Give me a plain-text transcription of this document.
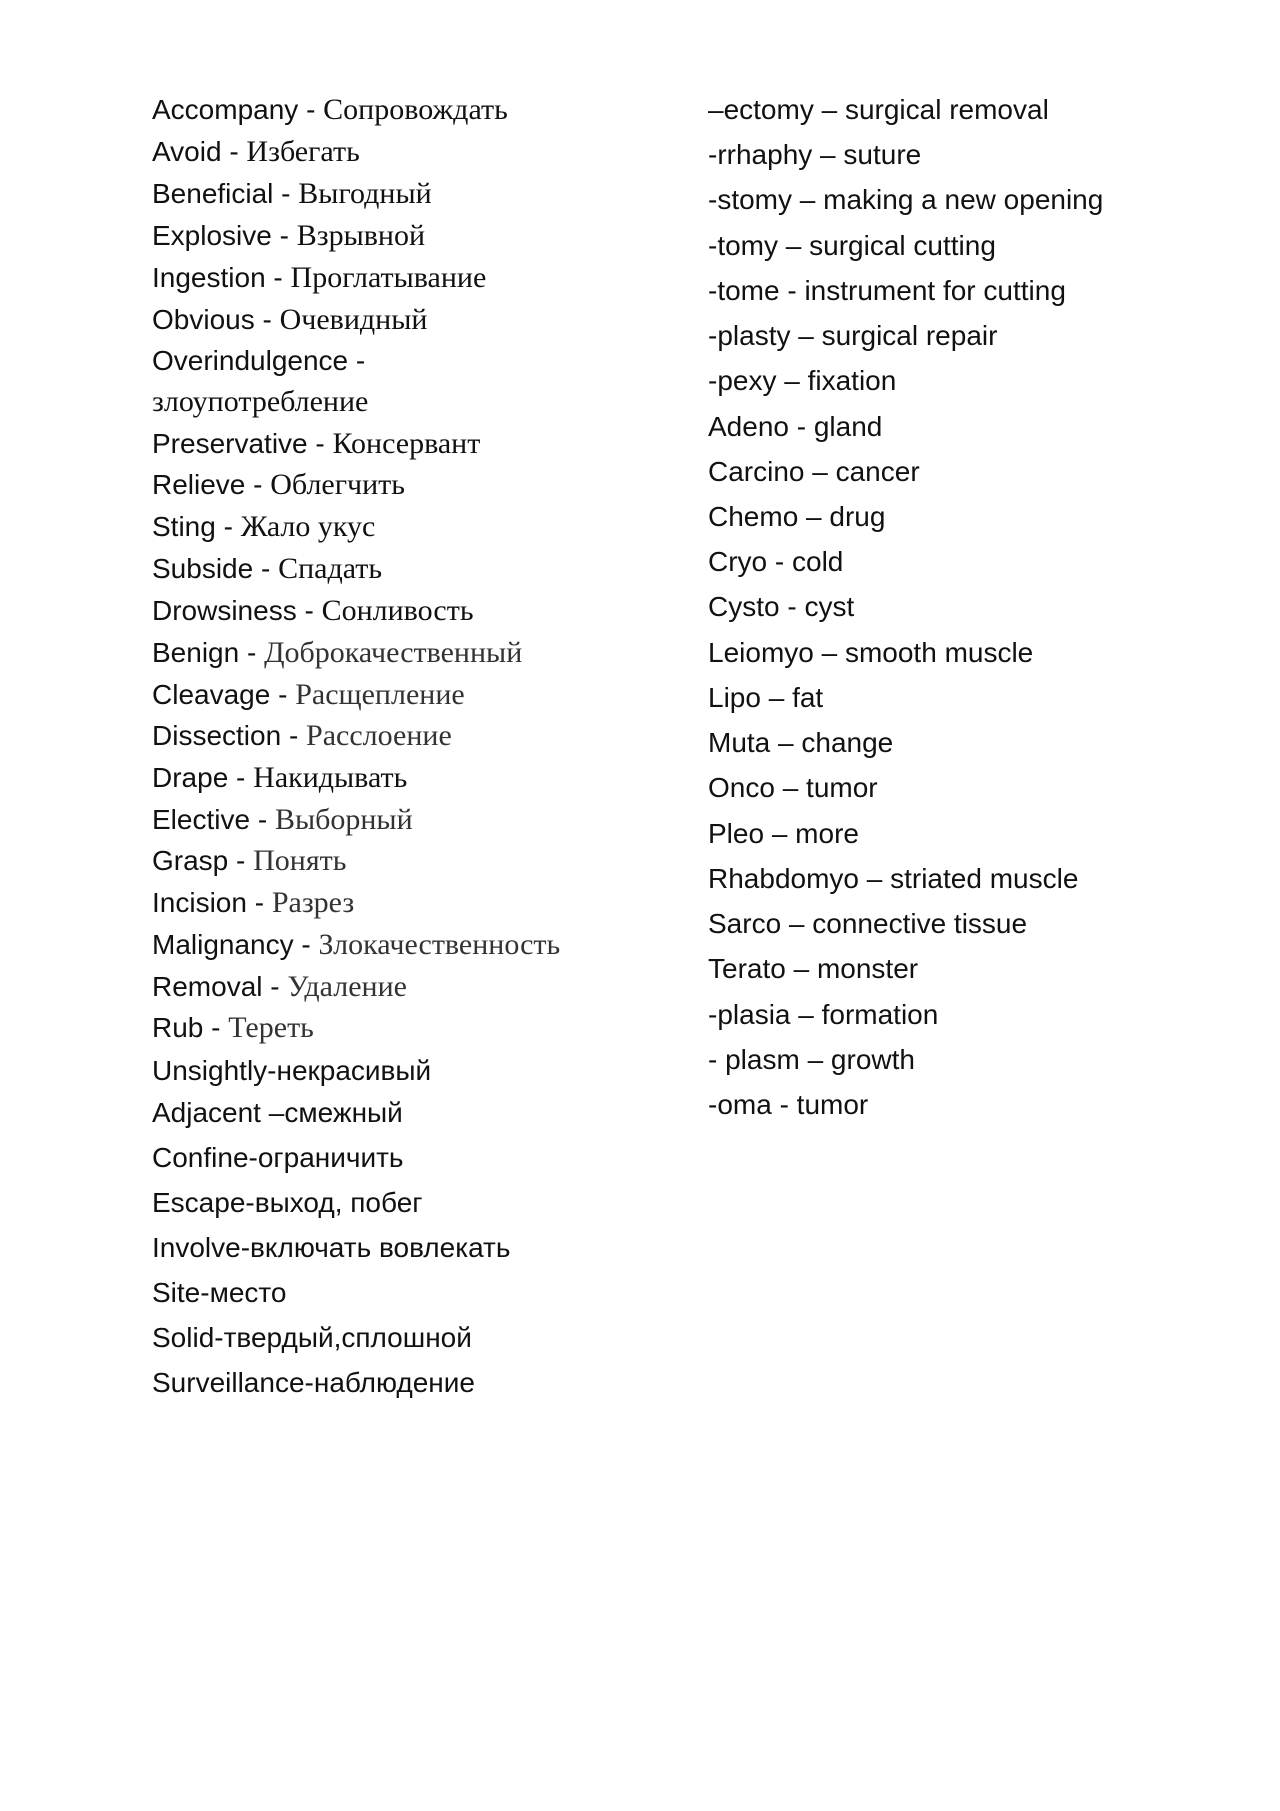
Accompany - Сопровождать
Avoid - Избегать
Beneficial - Выгодный
Explosive - Взрывной
Ingestion - Проглатывание
Obvious - Очевидный
Overindulgence -
злоупотребление
Preservative - Консервант
Relieve - Облегчить
Sting - Жало укус
Subside - Спадать
Drowsiness - Сонливость
Benign - Доброкачественный
Cleavage - Расщепление
Dissection - Расслоение
Drape - Накидывать
Elective - Выборный
Grasp - Понять
Incision - Разрез
Malignancy - Злокачественность
Removal - Удаление
Rub - Тереть
Unsightly-некрасивый
Adjacent –смежный
Confine-ограничить
Escape-выход, побег
Involve-включать вовлекать
Site-место
Solid-твердый,сплошной
Surveillance-наблюдение
–ectomy – surgical removal
-rrhaphy – suture
-stomy – making a new opening
-tomy – surgical cutting
-tome - instrument for cutting
-plasty – surgical repair
-pexy – fixation
Adeno - gland
Carcino – cancer
Chemo – drug
Cryo - cold
Cysto - cyst
Leiomyo – smooth muscle
Lipo – fat
Muta – change
Onco – tumor
Pleo – more
Rhabdomyo – striated muscle
Sarco – connective tissue
Terato – monster
-plasia – formation
- plasm – growth
-oma - tumor
